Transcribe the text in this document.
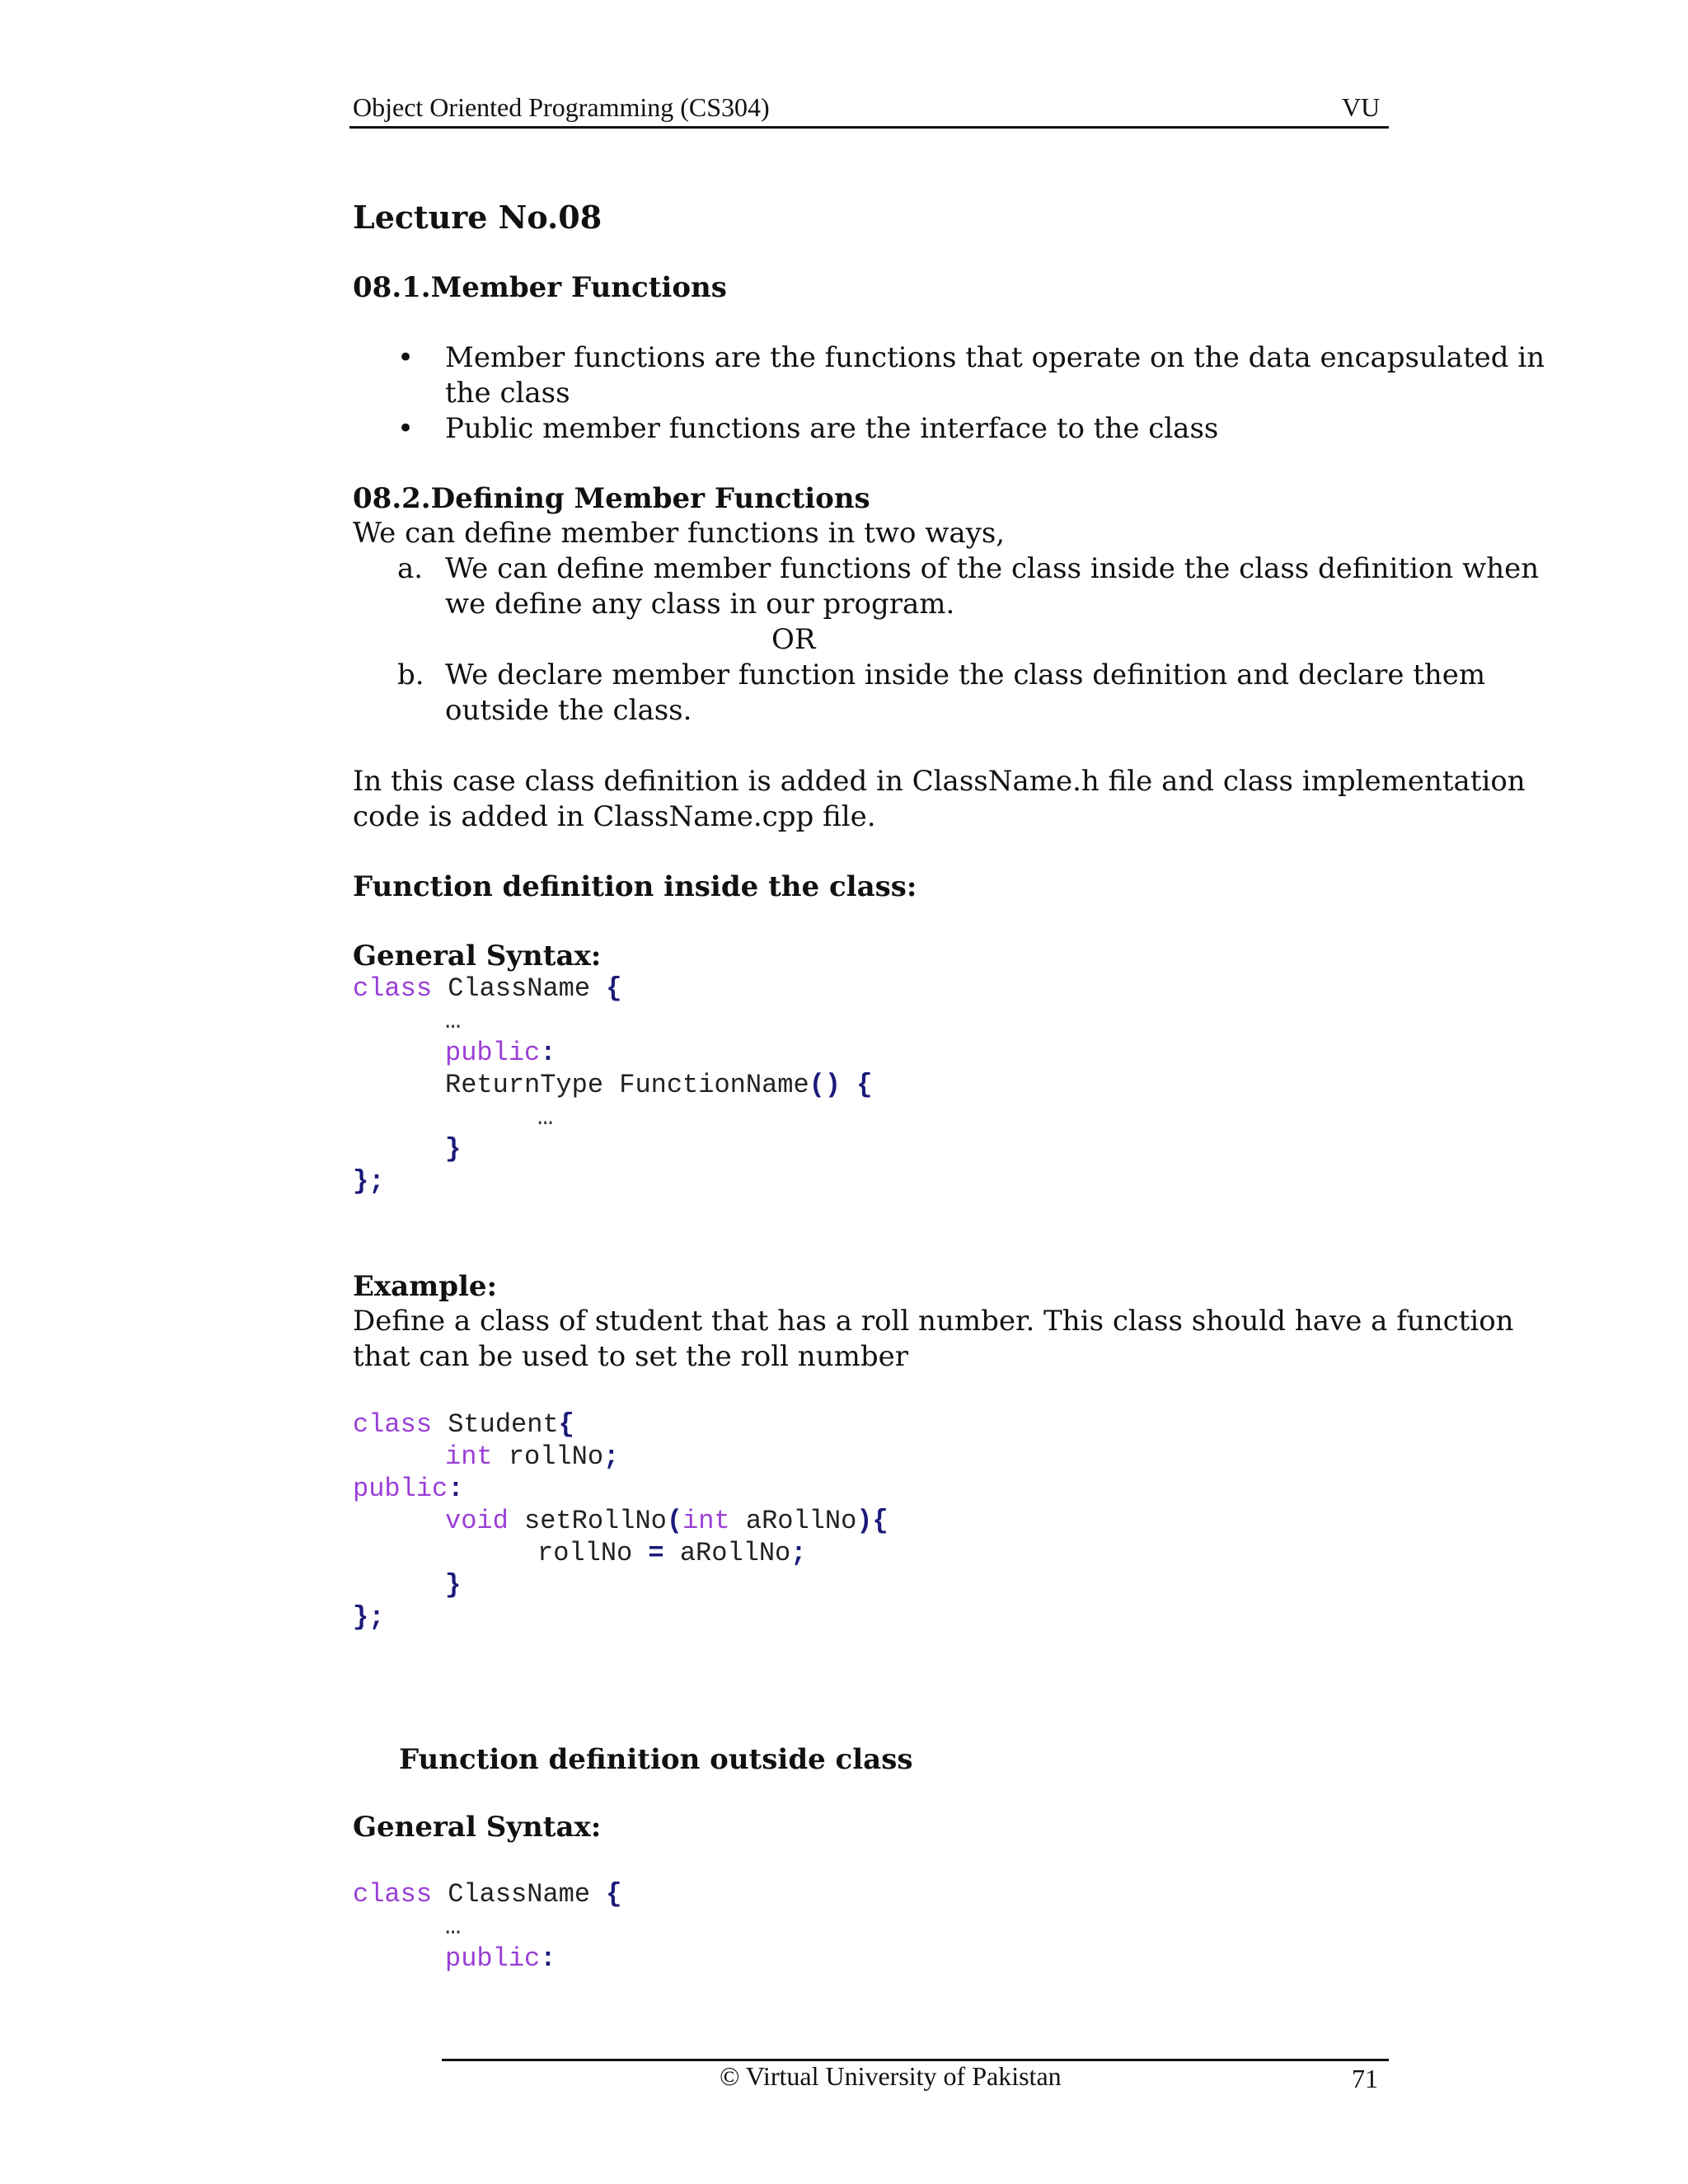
Object Oriented Programming (CS304)	VU
Lecture No.08
08.1.Member Functions
• Member functions are the functions that operate on the data encapsulated in
the class
• Public member functions are the interface to the class
08.2.Defining Member Functions
We can define member functions in two ways,
a. We can define member functions of the class inside the class definition when
we define any class in our program.
OR
b. We declare member function inside the class definition and declare them
outside the class.
In this case class definition is added in ClassName.h file and class implementation
code is added in ClassName.cpp file.
Function definition inside the class:
General Syntax:
class ClassName {
…
public:
ReturnType FunctionName() {
…
}
};
Example:
Define a class of student that has a roll number. This class should have a function
that can be used to set the roll number
class Student{
int rollNo;
public:
void setRollNo(int aRollNo){
rollNo = aRollNo;
}
};
Function definition outside class
General Syntax:
class ClassName {
…
public:
© Virtual University of Pakistan	71
